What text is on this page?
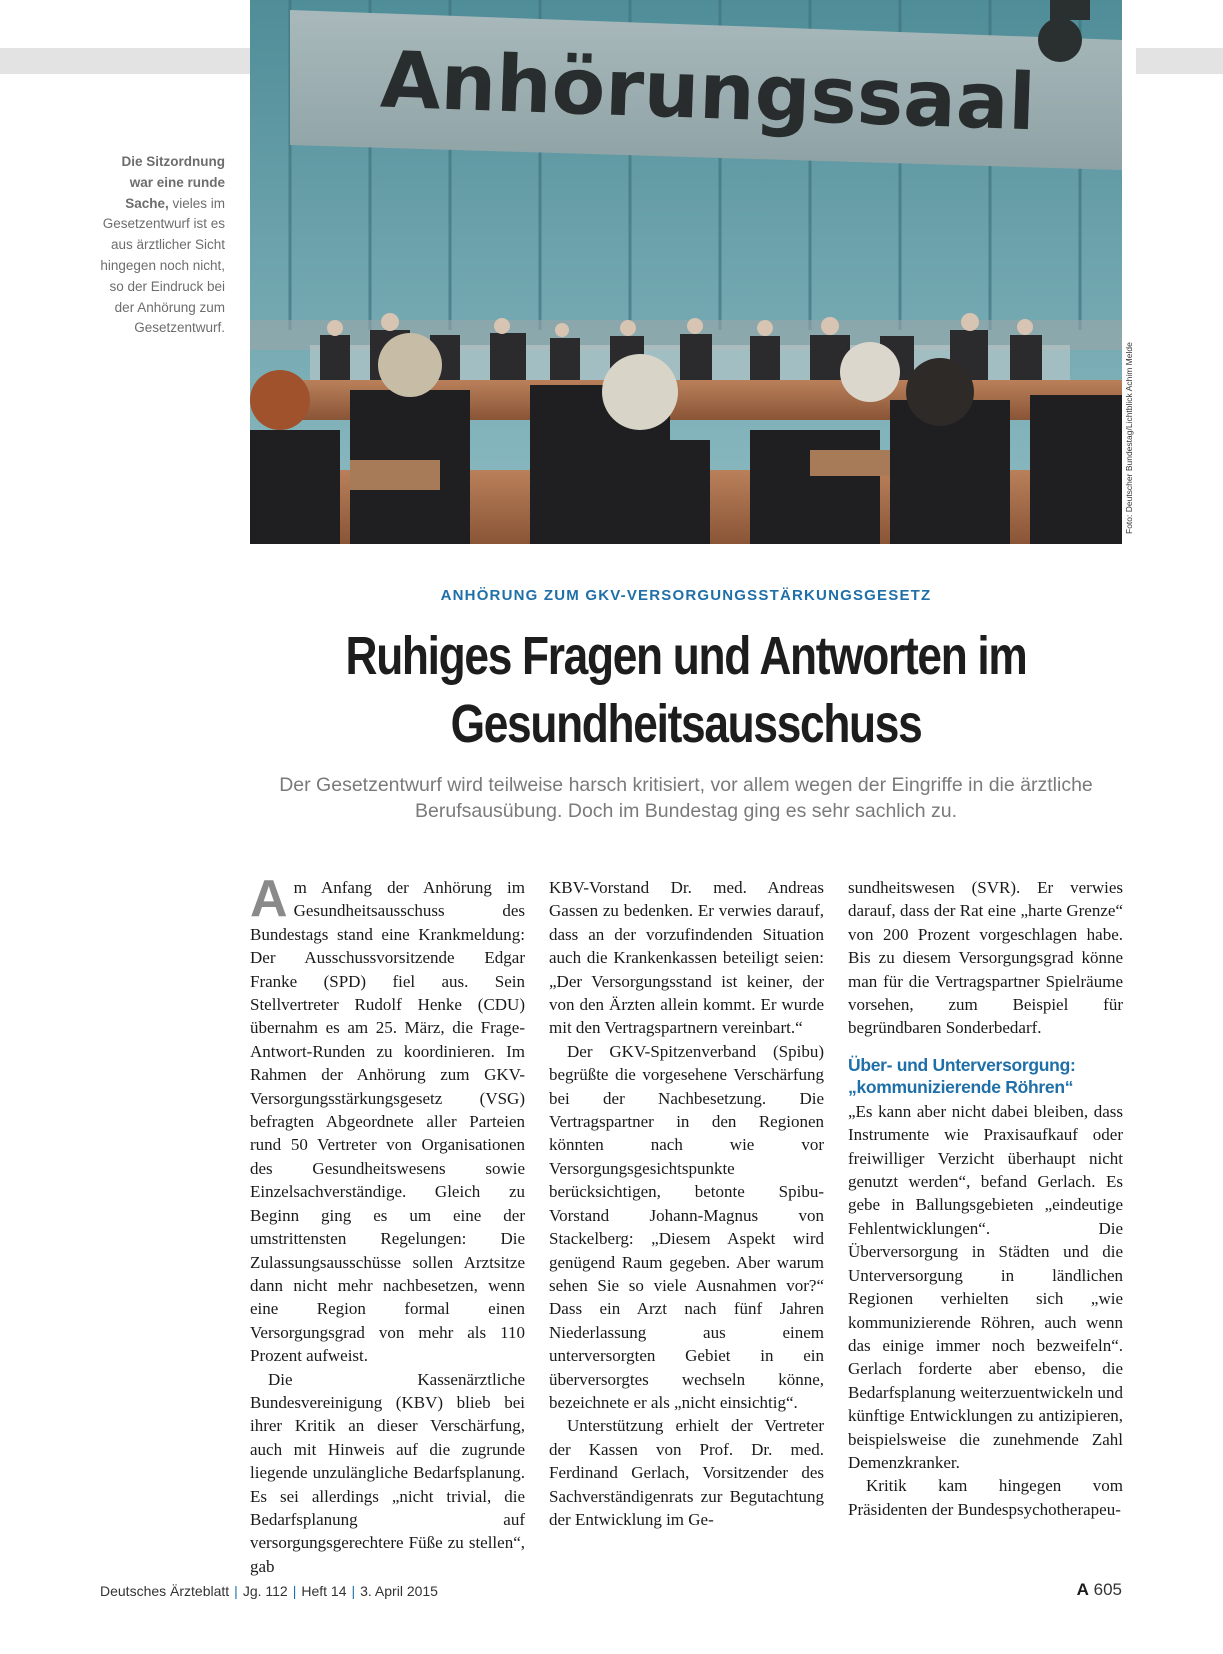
Anhörungssaal
Foto: Deutscher Bundestag/Lichtblick Achim Melde
Die Sitzordnung war eine runde Sache, vieles im Gesetzentwurf ist es aus ärztlicher Sicht hingegen noch nicht, so der Eindruck bei der Anhörung zum Gesetzentwurf.
ANHÖRUNG ZUM GKV-VERSORGUNGSSTÄRKUNGSGESETZ
Ruhiges Fragen und Antworten im
Gesundheitsausschuss
Der Gesetzentwurf wird teilweise harsch kritisiert, vor allem wegen der Eingriffe in die ärztliche Berufsausübung. Doch im Bundestag ging es sehr sachlich zu.

Am Anfang der Anhörung im Gesundheitsausschuss des Bundestags stand eine Krankmeldung: Der Ausschussvorsitzende Edgar Franke (SPD) fiel aus. Sein Stellvertreter Rudolf Henke (CDU) übernahm es am 25. März, die Frage-Antwort-Runden zu koordinieren. Im Rahmen der Anhörung zum GKV-Versorgungsstärkungsgesetz (VSG) befragten Abgeordnete aller Parteien rund 50 Vertreter von Organisationen des Gesundheitswesens sowie Einzelsachverständige. Gleich zu Beginn ging es um eine der umstrittensten Regelungen: Die Zulassungsausschüsse sollen Arztsitze dann nicht mehr nachbesetzen, wenn eine Region formal einen Versorgungsgrad von mehr als 110 Prozent aufweist.

Die Kassenärztliche Bundesvereinigung (KBV) blieb bei ihrer Kritik an dieser Verschärfung, auch mit Hinweis auf die zugrunde liegende unzulängliche Bedarfsplanung. Es sei allerdings „nicht trivial, die Bedarfsplanung auf versorgungsgerechtere Füße zu stellen“, gab

KBV-Vorstand Dr. med. Andreas Gassen zu bedenken. Er verwies darauf, dass an der vorzufindenden Situation auch die Krankenkassen beteiligt seien: „Der Versorgungsstand ist keiner, der von den Ärzten allein kommt. Er wurde mit den Vertragspartnern vereinbart.“

Der GKV-Spitzenverband (Spibu) begrüßte die vorgesehene Verschärfung bei der Nachbesetzung. Die Vertragspartner in den Regionen könnten nach wie vor Versorgungsgesichtspunkte berücksichtigen, betonte Spibu-Vorstand Johann-Magnus von Stackelberg: „Diesem Aspekt wird genügend Raum gegeben. Aber warum sehen Sie so viele Ausnahmen vor?“ Dass ein Arzt nach fünf Jahren Niederlassung aus einem unterversorgten Gebiet in ein überversorgtes wechseln könne, bezeichnete er als „nicht einsichtig“.

Unterstützung erhielt der Vertreter der Kassen von Prof. Dr. med. Ferdinand Gerlach, Vorsitzender des Sachverständigenrats zur Begutachtung der Entwicklung im Ge-

sundheitswesen (SVR). Er verwies darauf, dass der Rat eine „harte Grenze“ von 200 Prozent vorgeschlagen habe. Bis zu diesem Versorgungsgrad könne man für die Vertragspartner Spielräume vorsehen, zum Beispiel für begründbaren Sonderbedarf.

Über- und Unterversorgung: „kommunizierende Röhren“

„Es kann aber nicht dabei bleiben, dass Instrumente wie Praxisaufkauf oder freiwilliger Verzicht überhaupt nicht genutzt werden“, befand Gerlach. Es gebe in Ballungsgebieten „eindeutige Fehlentwicklungen“. Die Überversorgung in Städten und die Unterversorgung in ländlichen Regionen verhielten sich „wie kommunizierende Röhren, auch wenn das einige immer noch bezweifeln“. Gerlach forderte aber ebenso, die Bedarfsplanung weiterzuentwickeln und künftige Entwicklungen zu antizipieren, beispielsweise die zunehmende Zahl Demenzkranker.

Kritik kam hingegen vom Präsidenten der Bundespsychotherapeu-

Deutsches Ärzteblatt | Jg. 112 | Heft 14 | 3. April 2015	A 605
